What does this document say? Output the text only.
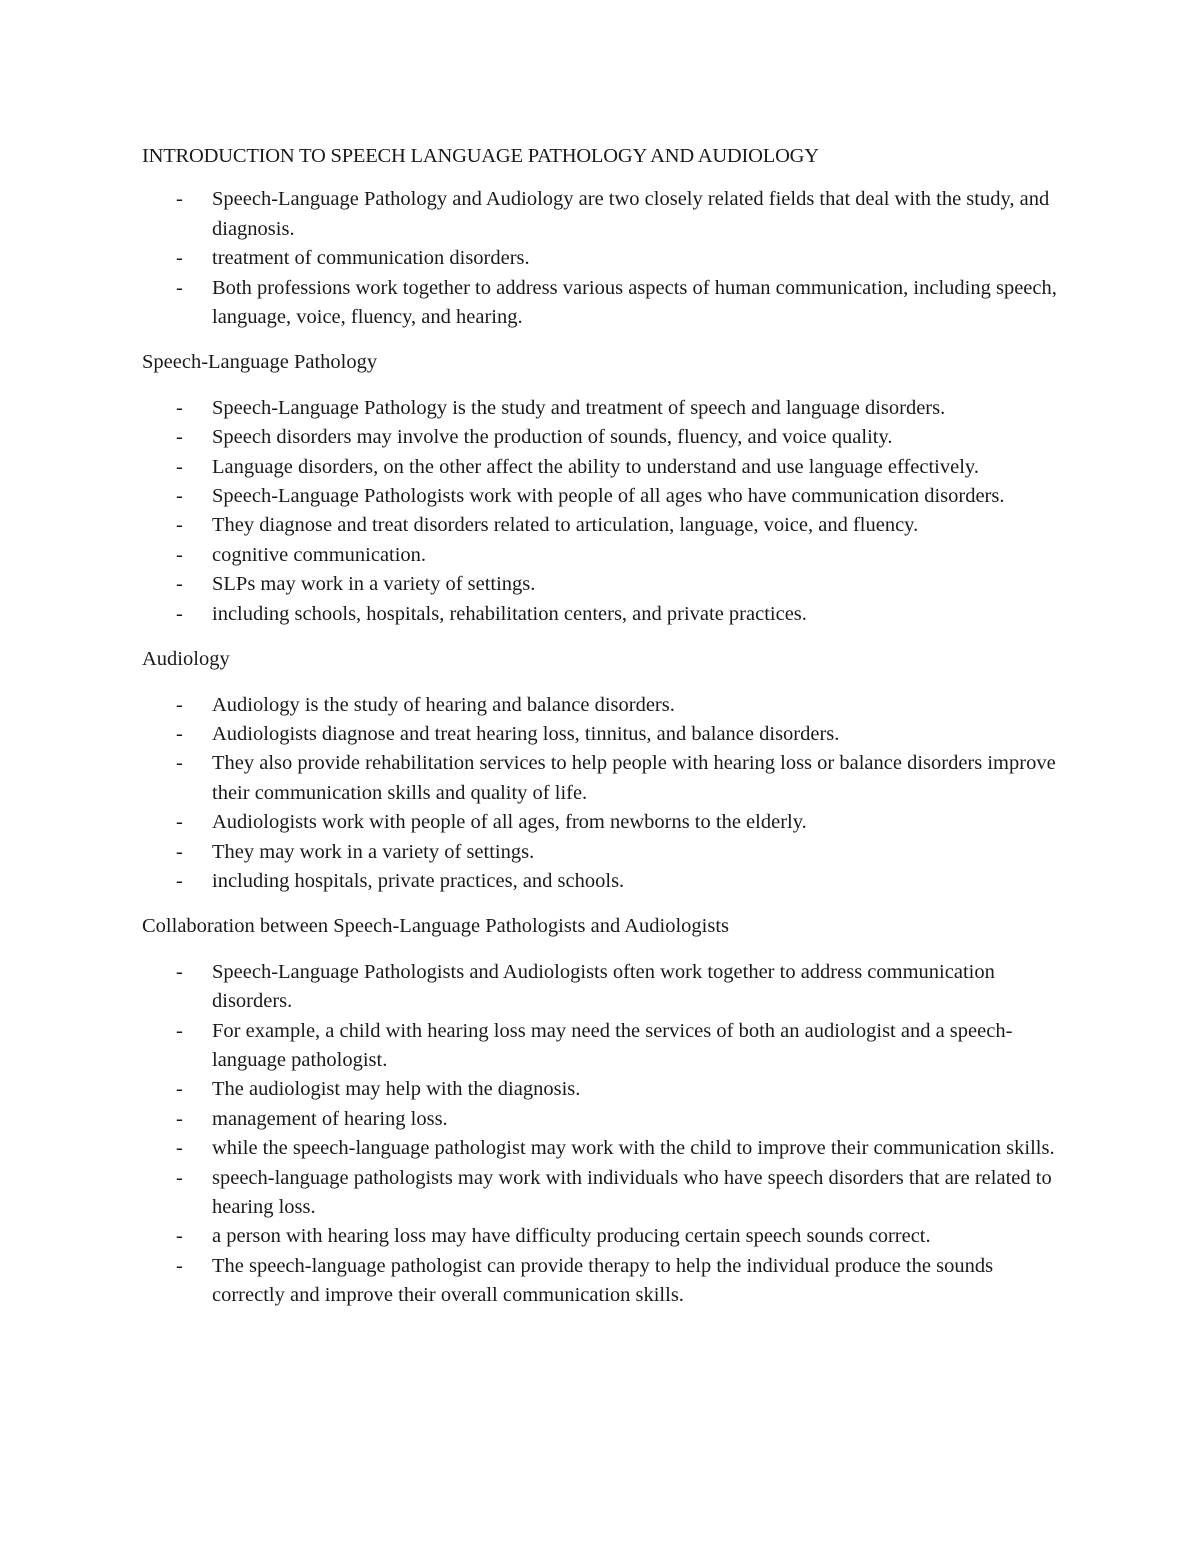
INTRODUCTION TO SPEECH LANGUAGE PATHOLOGY AND AUDIOLOGY

- Speech-Language Pathology and Audiology are two closely related fields that deal with the study, and diagnosis.
- treatment of communication disorders.
- Both professions work together to address various aspects of human communication, including speech, language, voice, fluency, and hearing.

Speech-Language Pathology

- Speech-Language Pathology is the study and treatment of speech and language disorders.
- Speech disorders may involve the production of sounds, fluency, and voice quality.
- Language disorders, on the other affect the ability to understand and use language effectively.
- Speech-Language Pathologists work with people of all ages who have communication disorders.
- They diagnose and treat disorders related to articulation, language, voice, and fluency.
- cognitive communication.
- SLPs may work in a variety of settings.
- including schools, hospitals, rehabilitation centers, and private practices.

Audiology

- Audiology is the study of hearing and balance disorders.
- Audiologists diagnose and treat hearing loss, tinnitus, and balance disorders.
- They also provide rehabilitation services to help people with hearing loss or balance disorders improve their communication skills and quality of life.
- Audiologists work with people of all ages, from newborns to the elderly.
- They may work in a variety of settings.
- including hospitals, private practices, and schools.

Collaboration between Speech-Language Pathologists and Audiologists

- Speech-Language Pathologists and Audiologists often work together to address communication disorders.
- For example, a child with hearing loss may need the services of both an audiologist and a speech-language pathologist.
- The audiologist may help with the diagnosis.
- management of hearing loss.
- while the speech-language pathologist may work with the child to improve their communication skills.
- speech-language pathologists may work with individuals who have speech disorders that are related to hearing loss.
- a person with hearing loss may have difficulty producing certain speech sounds correct.
- The speech-language pathologist can provide therapy to help the individual produce the sounds correctly and improve their overall communication skills.
